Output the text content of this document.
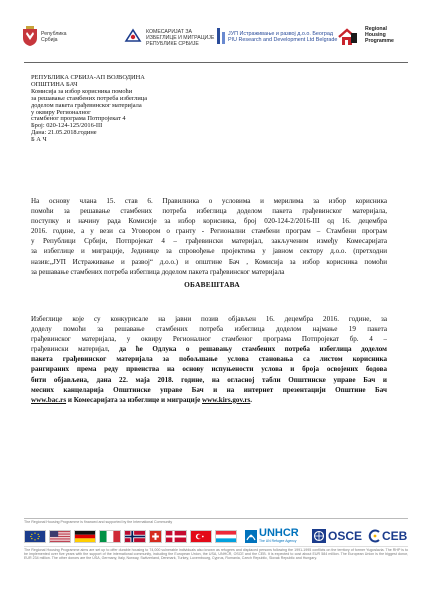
Република
Србија
КОМЕСАРИЈАТ ЗА
ИЗБЕГЛИЦЕ И МИГРАЦИЈЕ
РЕПУБЛИКЕ СРБИЈЕ
ЈУП Истраживање и развој д.о.о. Београд
PIU Research and Development Ltd Belgrade
Regional
Housing
Programme
РЕПУБЛИКА СРБИЈА-АП ВОЈВОДИНА
ОПШТИНА БАЧ
Комисија за избор корисника помоћи
за решавање стамбених потреба избеглица
доделом пакета грађевинског материјала
у оквиру Регионалног
стамбеног програма Потпројекат 4
Број: 020-124-125/2016-III
Дана: 21.05.2018.године
Б А Ч
На основу члана 15. став 6. Правилника о условима и мерилима за избор корисника
помоћи за решавање стамбених потреба избеглица доделом пакета грађевинског материјала,
поступку и начину рада Комисије за избор корисника, број 020-124-2/2016-III од 16. децембра
2016. године, а у вези са Уговором о гранту - Регионални стамбени програм – Стамбени програм
у Републици Србији, Потпројекат 4 – грађевински материјал, закљученим између Комесаријата
за избеглице и миграције, Јединице за спровођење пројектима у јавном сектору д.о.о. (претходни
назив:„ЈУП Истраживање и развој“ д.о.о.) и општине Бач , Комисија за избор корисника помоћи
за решавање стамбених потреба избеглица доделом пакета грађевинског материјала
ОБАВЕШТАВА
Избеглице које су конкурисале на јавни позив објављен 16. децембра 2016. године, за
доделу помоћи за решавање стамбених потреба избеглица доделом најмање 19 пакета
грађевинског материјала, у оквиру Регионалног стамбеног програма Потпројекат бр. 4 –
грађевински материјал, да ће Одлука о решавању стамбених потреба избеглица доделом
пакета грађевинског материјала за побољшање услова становања са листом корисника
рангираних према реду првенства на основу испуњености услова и броја освојених бодова
бити објављена, дана 22. маја 2018. године, на огласној табли Општинске управе Бач и
месних канцеларија Општинске управе Бач и на интернет презентацији Општине Бач
www.bac.rs и Комесаријата за избеглице и миграције www.kirs.gov.rs.
The Regional Housing Programme is financed and supported by the International Community
UNHCR
The UN Refugee Agency	OSCE CEB
The Regional Housing Programme aims are set up to offer durable housing to 74,000 vulnerable individuals also known as refugees and displaced persons following the 1991-1995 conflicts on the territory of former Yugoslavia. The RHP is to be implemented over five years with the support of the international community, including the European Union, the USA, UNHCR, OSCE and the CEB. It is expected to cost about EUR 584 million. The European Union is the biggest donor, EUR 234 million. The other donors are the USA, Germany, Italy, Norway, Switzerland, Denmark, Turkey, Luxembourg, Cyprus, Romania, Czech Republic, Slovak Republic and Hungary.
